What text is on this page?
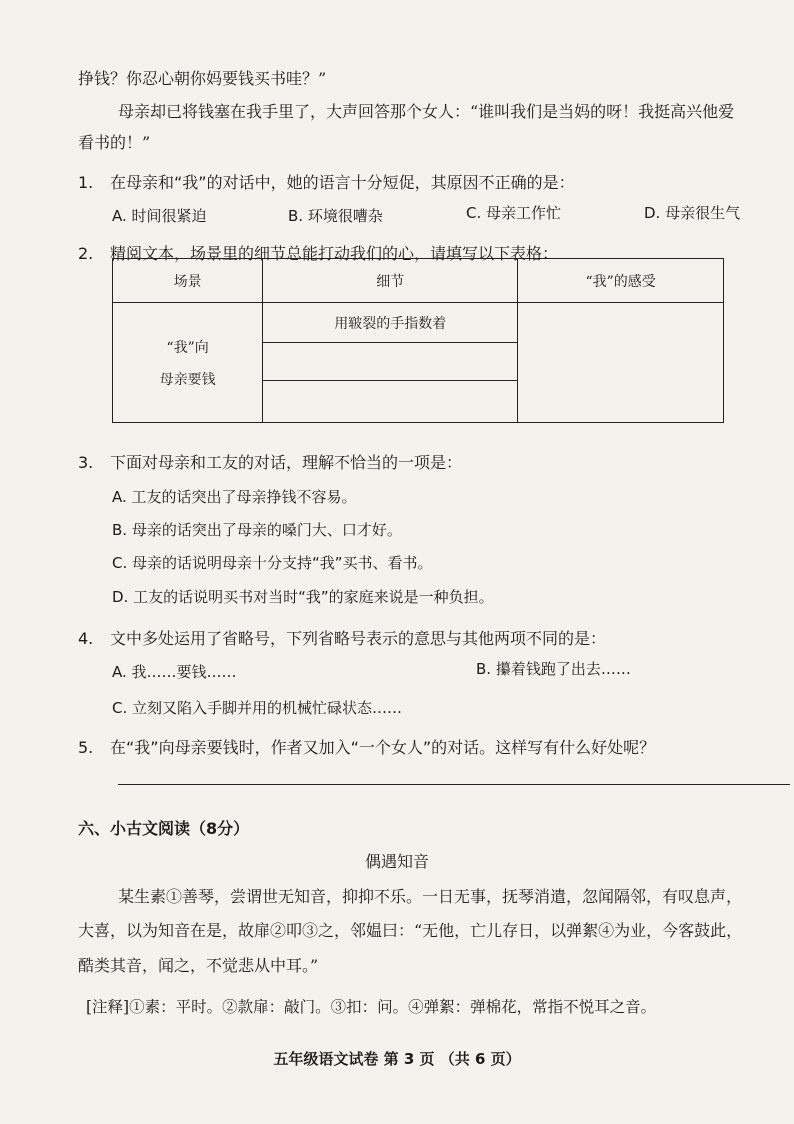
挣钱？你忍心朝你妈要钱买书哇？”
母亲却已将钱塞在我手里了，大声回答那个女人：“谁叫我们是当妈的呀！我挺高兴他爱
看书的！”
1. 在母亲和“我”的对话中，她的语言十分短促，其原因不正确的是：
A. 时间很紧迫	B. 环境很嘈杂	C. 母亲工作忙	D. 母亲很生气
2. 精阅文本，场景里的细节总能打动我们的心，请填写以下表格：
场景	细节	“我”的感受

“我”向
母亲要钱	用皲裂的手指数着	

3. 下面对母亲和工友的对话，理解不恰当的一项是：
A. 工友的话突出了母亲挣钱不容易。
B. 母亲的话突出了母亲的嗓门大、口才好。
C. 母亲的话说明母亲十分支持“我”买书、看书。
D. 工友的话说明买书对当时“我”的家庭来说是一种负担。
4. 文中多处运用了省略号，下列省略号表示的意思与其他两项不同的是：
A. 我……要钱……	B. 攥着钱跑了出去……
C. 立刻又陷入手脚并用的机械忙碌状态……
5. 在“我”向母亲要钱时，作者又加入“一个女人”的对话。这样写有什么好处呢？
六、小古文阅读（8分）
偶遇知音
某生素①善琴，尝谓世无知音，抑抑不乐。一日无事，抚琴消遣，忽闻隔邻，有叹息声，
大喜，以为知音在是，故扉②叩③之，邻媪曰：“无他，亡儿存日，以弹絮④为业，今客鼓此，
酷类其音，闻之，不觉悲从中耳。”
[注释]①素：平时。②款扉：敲门。③扣：问。④弹絮：弹棉花，常指不悦耳之音。
五年级语文试卷 第 3 页 （共 6 页）
